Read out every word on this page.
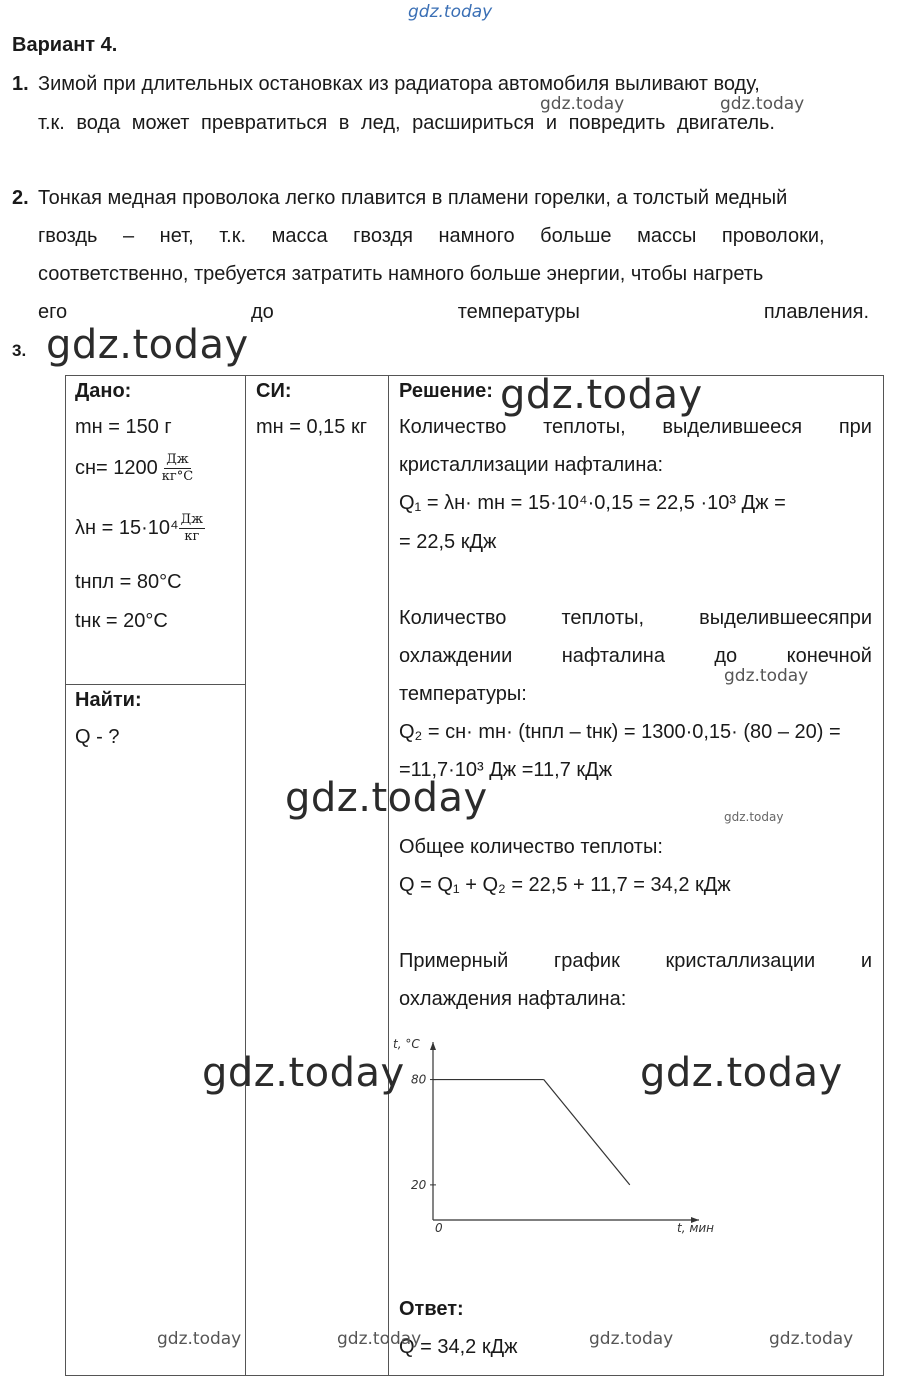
gdz.today
gdz.today	gdz.today
Вариант 4.
1. Зимой при длительных остановках из радиатора автомобиля выливают воду,
т.к. вода может превратиться в лед, расшириться и повредить двигатель.
2. Тонкая медная проволока легко плавится в пламени горелки, а толстый медный
гвоздь – нет, т.к. масса гвоздя намного больше массы проволоки,
соответственно, требуется затратить намного больше энергии, чтобы нагреть
его	до	температуры	плавления.
3. gdz.today
Дано:
mн = 150 г
$cн= 1200 \frac{Дж}{кг^\circ C}$
$\lambda н = 15\cdot 10^4 \frac{Дж}{кг}$
tнпл = 80°C
tнк = 20°C

СИ:
mн = 0,15 кг

Решение:
Количество теплоты, выделившееся при
кристаллизации нафталина:
Q₁ = λн· mн = 15·10⁴·0,15 = 22,5 ·10³ Дж =
= 22,5 кДж
Количество	теплоты,	выделившеесяпри
охлаждении нафталина до конечной
температуры:
Q₂ = cн· mн· (tнпл – tнк) = 1300·0,15· (80 – 20) =
=11,7·10³ Дж =11,7 кДж
Общее количество теплоты:
Q = Q₁ + Q₂ = 22,5 + 11,7 = 34,2 кДж
Примерный график кристаллизации и
охлаждения нафталина:
t, °C
t, мин
0
80
20
Ответ:
Q = 34,2 кДж

Найти:
Q - ?
gdz.today
gdz.today
gdz.today	gdz.today
gdz.today	gdz.today
gdz.today	gdz.today	gdz.today	gdz.today
